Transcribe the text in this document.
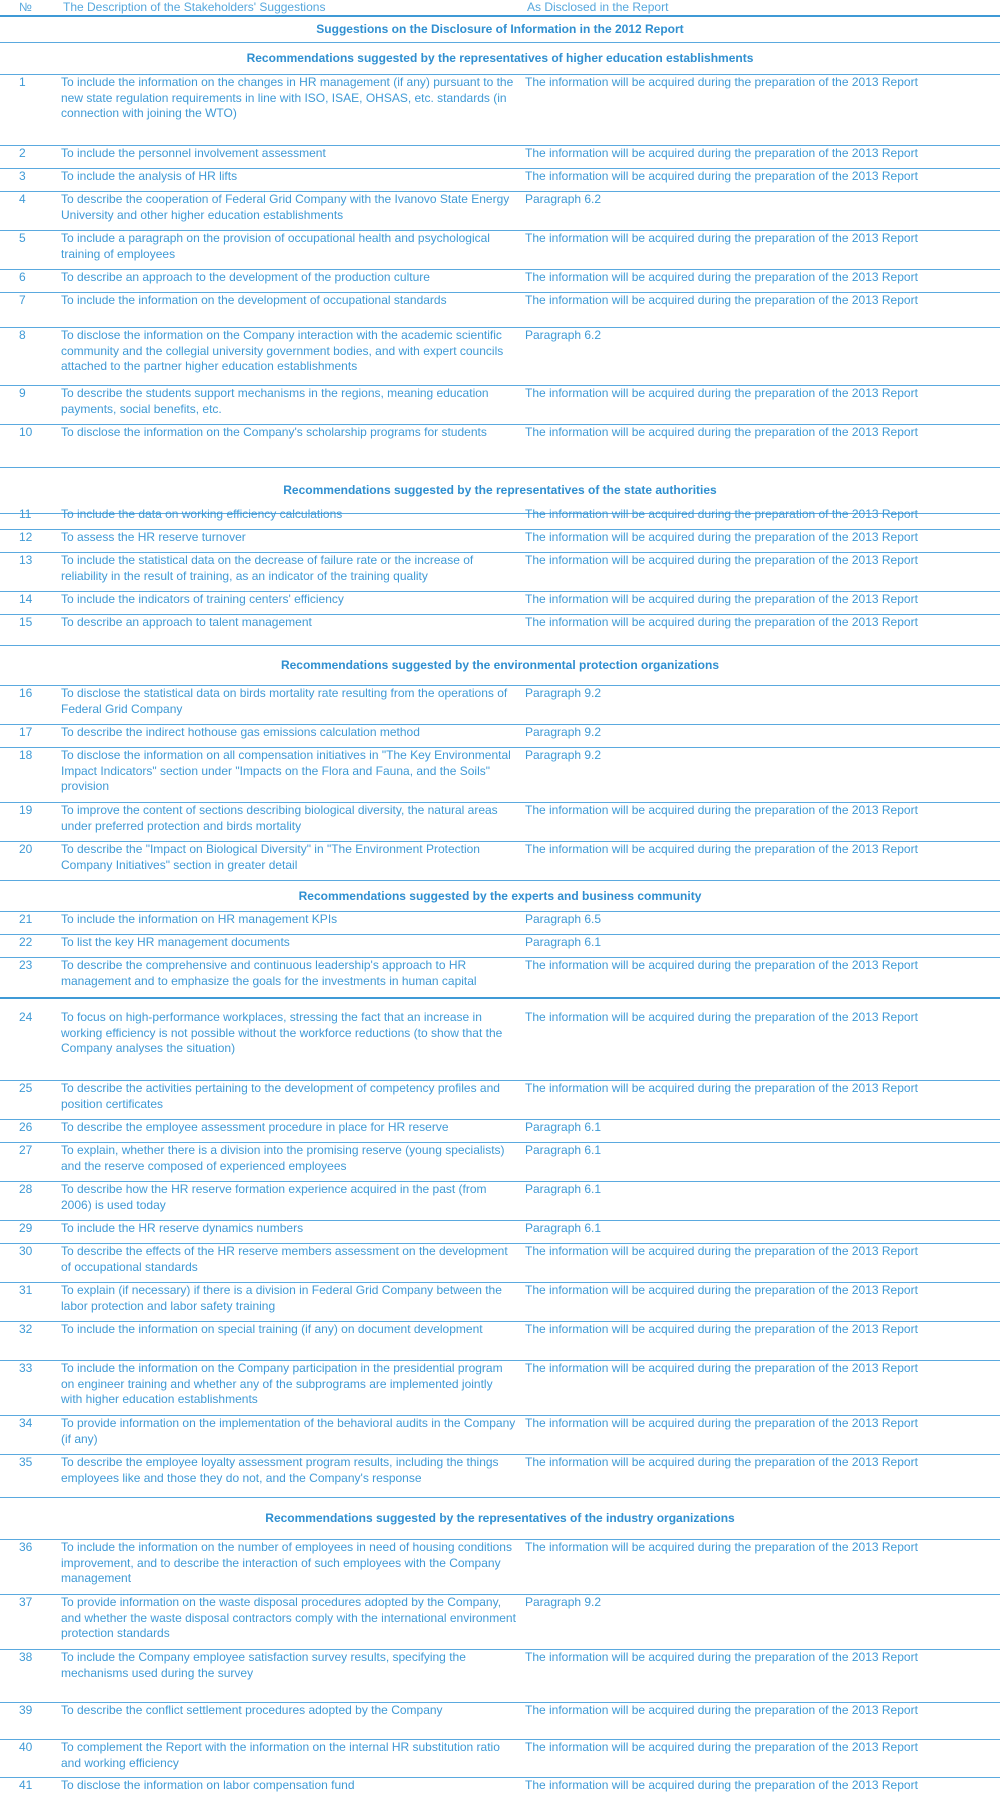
№	The Description of the Stakeholders' Suggestions	As Disclosed in the Report
Suggestions on the Disclosure of Information in the 2012 Report
Recommendations suggested by the representatives of higher education establishments
1	To include the information on the changes in HR management (if any) pursuant to the new state regulation requirements in line with ISO, ISAE, OHSAS, etc. standards (in connection with joining the WTO)
The information will be acquired during the preparation of the 2013 Report
2	To include the personnel involvement assessment	The information will be acquired during the preparation of the 2013 Report
3	To include the analysis of HR lifts	The information will be acquired during the preparation of the 2013 Report
4	To describe the cooperation of Federal Grid Company with the Ivanovo State Energy University and other higher education establishments
Paragraph 6.2
5	To include a paragraph on the provision of occupational health and psychological training of employees
The information will be acquired during the preparation of the 2013 Report
6	To describe an approach to the development of the production culture	The information will be acquired during the preparation of the 2013 Report
7	To include the information on the development of occupational standards	The information will be acquired during the preparation of the 2013 Report
8	To disclose the information on the Company interaction with the academic scientific community and the collegial university government bodies, and with expert councils attached to the partner higher education establishments
Paragraph 6.2
9	To describe the students support mechanisms in the regions, meaning education payments, social benefits, etc.
The information will be acquired during the preparation of the 2013 Report
10 To disclose the information on the Company's scholarship programs for students	The information will be acquired during the preparation of the 2013 Report
Recommendations suggested by the representatives of the state authorities
11 To include the data on working efficiency calculations	The information will be acquired during the preparation of the 2013 Report
12 To assess the HR reserve turnover	The information will be acquired during the preparation of the 2013 Report
13 To include the statistical data on the decrease of failure rate or the increase of reliability in the result of training, as an indicator of the training quality
The information will be acquired during the preparation of the 2013 Report
14 To include the indicators of training centers' efficiency	The information will be acquired during the preparation of the 2013 Report
15 To describe an approach to talent management	The information will be acquired during the preparation of the 2013 Report
Recommendations suggested by the environmental protection organizations
16 To disclose the statistical data on birds mortality rate resulting from the operations of Federal Grid Company
Paragraph 9.2
17 To describe the indirect hothouse gas emissions calculation method	Paragraph 9.2
18 To disclose the information on all compensation initiatives in "The Key Environmental Impact Indicators" section under "Impacts on the Flora and Fauna, and the Soils" provision
Paragraph 9.2
19 To improve the content of sections describing biological diversity, the natural areas under preferred protection and birds mortality
The information will be acquired during the preparation of the 2013 Report
20 To describe the "Impact on Biological Diversity" in "The Environment Protection Company Initiatives" section in greater detail
The information will be acquired during the preparation of the 2013 Report
Recommendations suggested by the experts and business community
21 To include the information on HR management KPIs	Paragraph 6.5
22 To list the key HR management documents	Paragraph 6.1
23 To describe the comprehensive and continuous leadership's approach to HR management and to emphasize the goals for the investments in human capital
The information will be acquired during the preparation of the 2013 Report
24 To focus on high-performance workplaces, stressing the fact that an increase in working efficiency is not possible without the workforce reductions (to show that the Company analyses the situation)
The information will be acquired during the preparation of the 2013 Report
25 To describe the activities pertaining to the development of competency profiles and position certificates
The information will be acquired during the preparation of the 2013 Report
26 To describe the employee assessment procedure in place for HR reserve	Paragraph 6.1
27 To explain, whether there is a division into the promising reserve (young specialists) and the reserve composed of experienced employees
Paragraph 6.1
28 To describe how the HR reserve formation experience acquired in the past (from 2006) is used today
Paragraph 6.1
29 To include the HR reserve dynamics numbers	Paragraph 6.1
30 To describe the effects of the HR reserve members assessment on the development of occupational standards
The information will be acquired during the preparation of the 2013 Report
31 To explain (if necessary) if there is a division in Federal Grid Company between the labor protection and labor safety training
The information will be acquired during the preparation of the 2013 Report
32 To include the information on special training (if any) on document development	The information will be acquired during the preparation of the 2013 Report
33 To include the information on the Company participation in the presidential program on engineer training and whether any of the subprograms are implemented jointly with higher education establishments
The information will be acquired during the preparation of the 2013 Report
34 To provide information on the implementation of the behavioral audits in the Company (if any)
The information will be acquired during the preparation of the 2013 Report
35 To describe the employee loyalty assessment program results, including the things employees like and those they do not, and the Company's response
The information will be acquired during the preparation of the 2013 Report
Recommendations suggested by the representatives of the industry organizations
36 To include the information on the number of employees in need of housing conditions improvement, and to describe the interaction of such employees with the Company management
The information will be acquired during the preparation of the 2013 Report
37 To provide information on the waste disposal procedures adopted by the Company, and whether the waste disposal contractors comply with the international environment protection standards
Paragraph 9.2
38 To include the Company employee satisfaction survey results, specifying the mechanisms used during the survey
The information will be acquired during the preparation of the 2013 Report
39 To describe the conflict settlement procedures adopted by the Company	The information will be acquired during the preparation of the 2013 Report
40 To complement the Report with the information on the internal HR substitution ratio and working efficiency
The information will be acquired during the preparation of the 2013 Report
41 To disclose the information on labor compensation fund	The information will be acquired during the preparation of the 2013 Report
